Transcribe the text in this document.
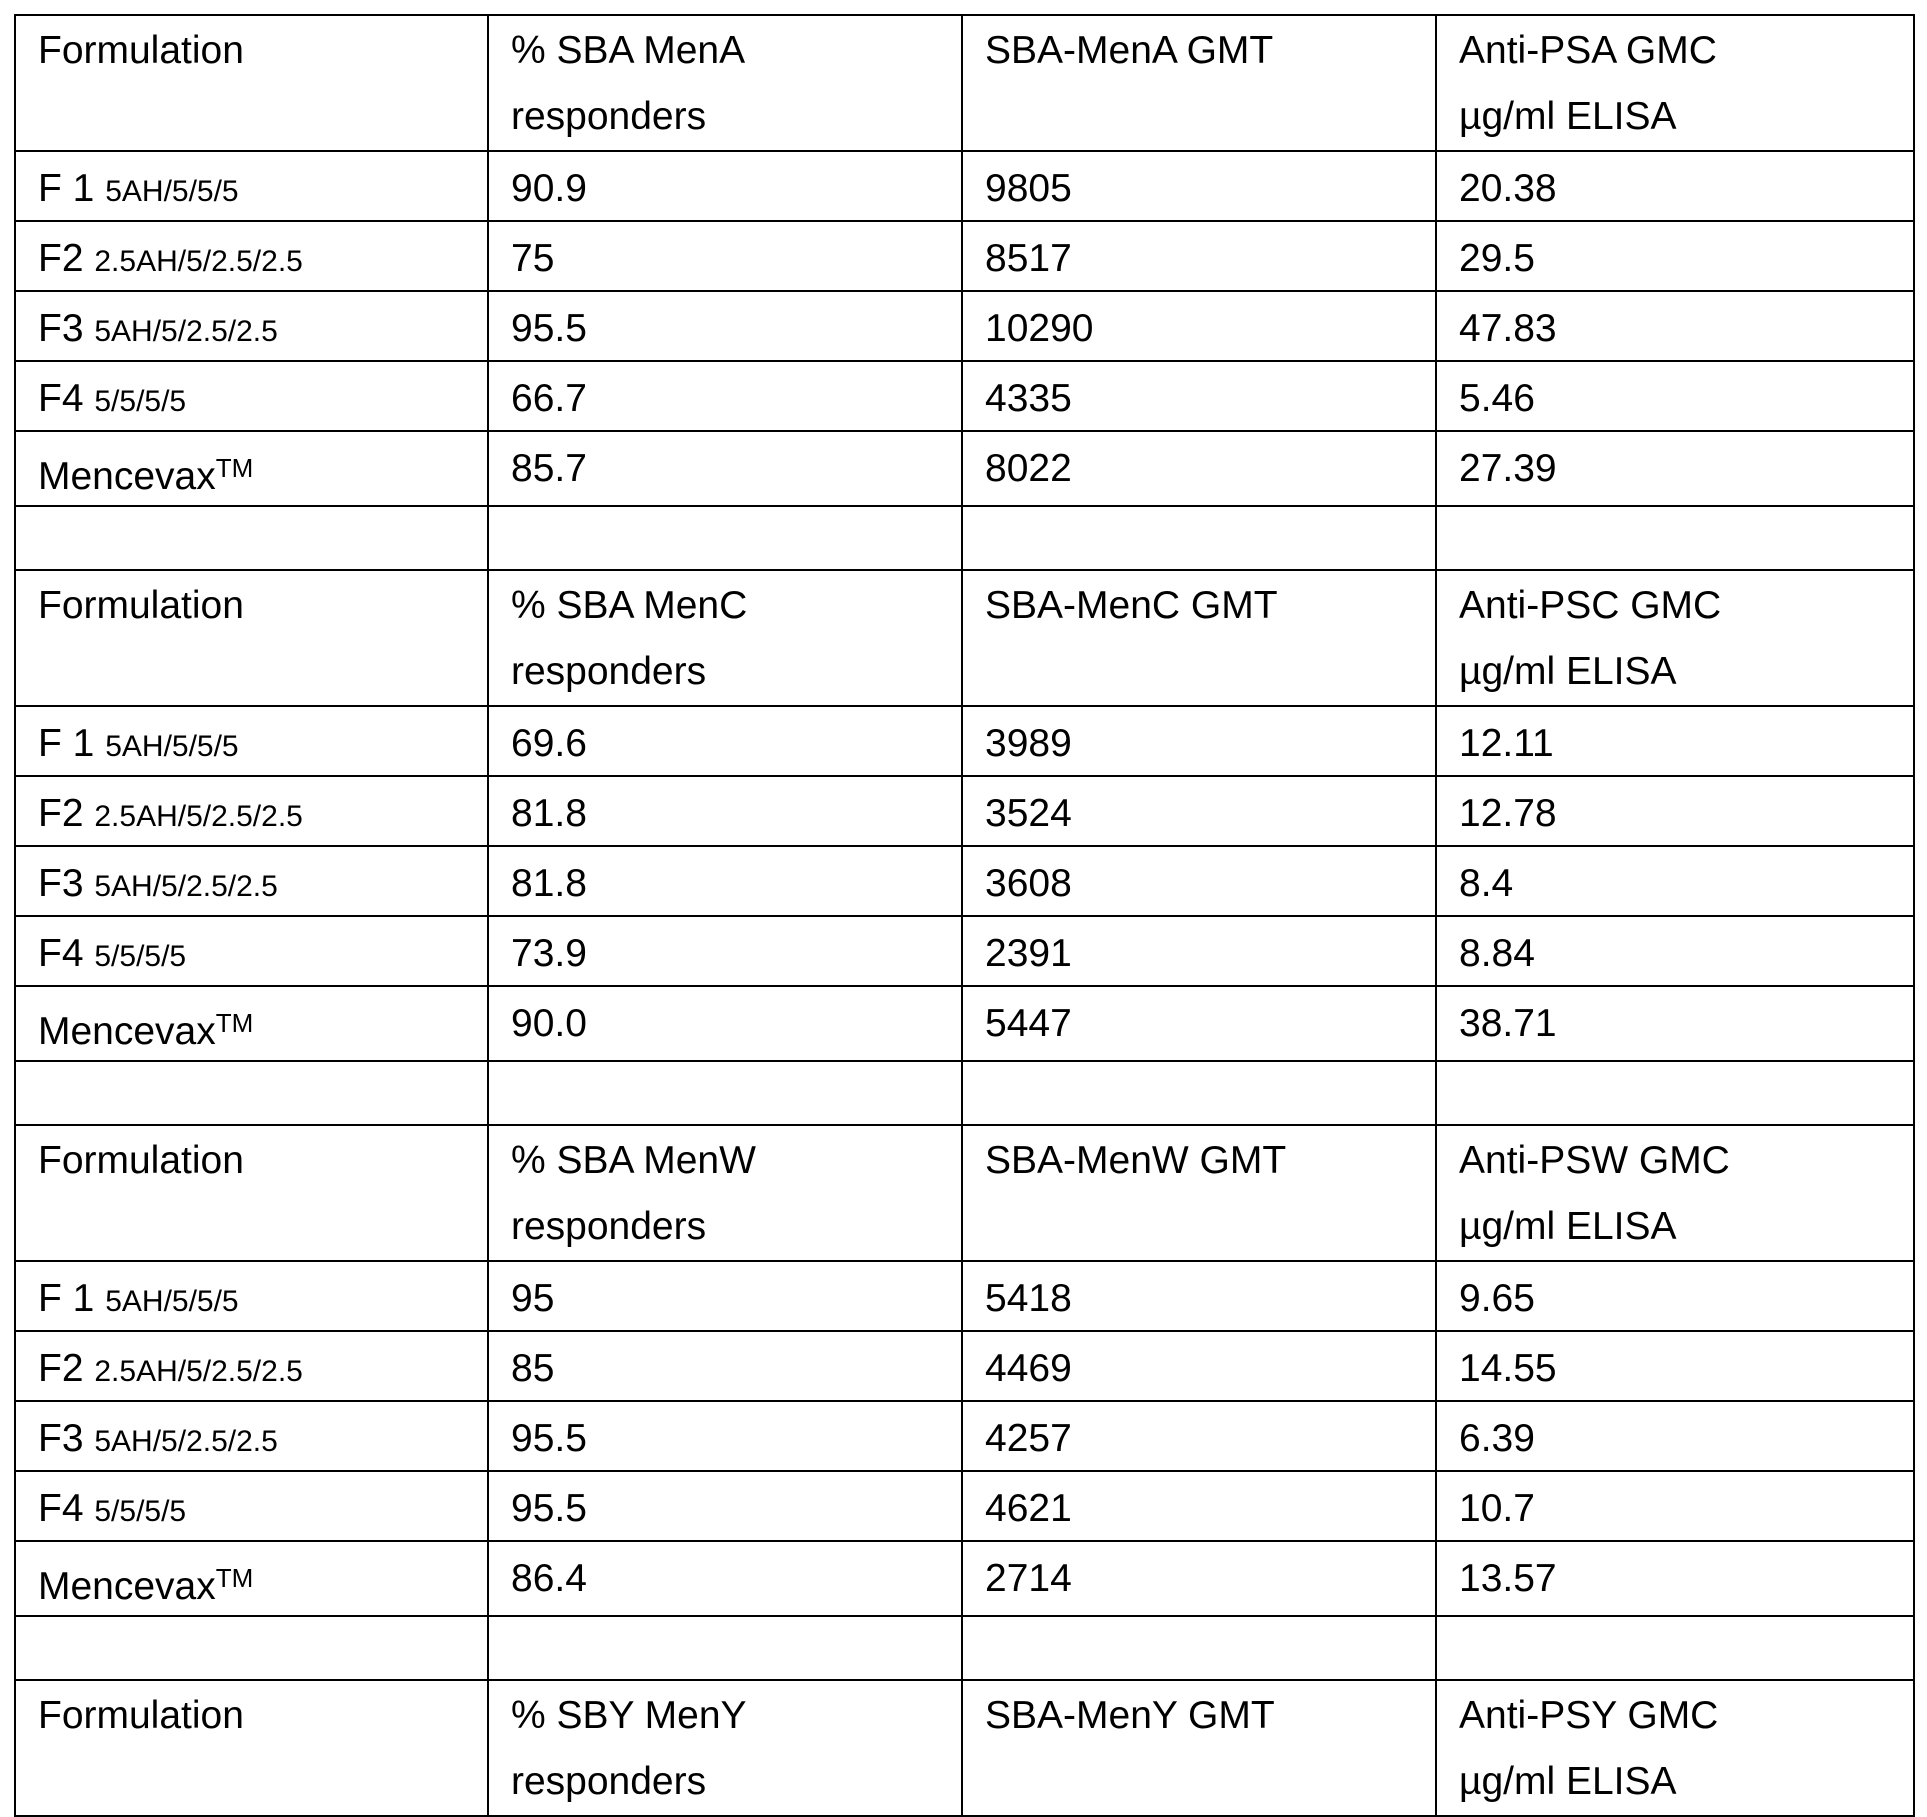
Formulation	% SBA MenA
responders

SBA-MenA GMT	Anti-PSA GMC
µg/ml ELISA

F 1 5AH/5/5/5	90.9	9805	20.38
F2 2.5AH/5/2.5/2.5	75	8517	29.5
F3 5AH/5/2.5/2.5	95.5	10290	47.83
F4 5/5/5/5	66.7	4335	5.46
MencevaxTM	85.7	8022	27.39

Formulation	% SBA MenC
responders

SBA-MenC GMT	Anti-PSC GMC
µg/ml ELISA

F 1 5AH/5/5/5	69.6	3989	12.11
F2 2.5AH/5/2.5/2.5	81.8	3524	12.78
F3 5AH/5/2.5/2.5	81.8	3608	8.4
F4 5/5/5/5	73.9	2391	8.84
MencevaxTM	90.0	5447	38.71

Formulation	% SBA MenW
responders

SBA-MenW GMT	Anti-PSW GMC
µg/ml ELISA

F 1 5AH/5/5/5	95	5418	9.65
F2 2.5AH/5/2.5/2.5	85	4469	14.55
F3 5AH/5/2.5/2.5	95.5	4257	6.39
F4 5/5/5/5	95.5	4621	10.7
MencevaxTM	86.4	2714	13.57

Formulation	% SBY MenY
responders

SBA-MenY GMT	Anti-PSY GMC
µg/ml ELISA
